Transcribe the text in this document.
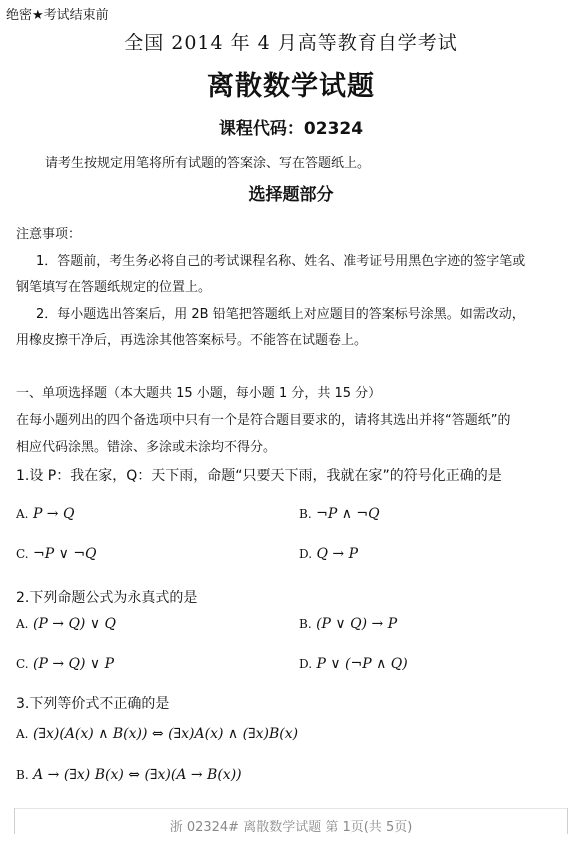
绝密★考试结束前
全国 2014 年 4 月高等教育自学考试
离散数学试题
课程代码：02324
请考生按规定用笔将所有试题的答案涂、写在答题纸上。
选择题部分
注意事项：
1．答题前，考生务必将自己的考试课程名称、姓名、准考证号用黑色字迹的签字笔或
钢笔填写在答题纸规定的位置上。
2．每小题选出答案后，用 2B 铅笔把答题纸上对应题目的答案标号涂黑。如需改动，
用橡皮擦干净后，再选涂其他答案标号。不能答在试题卷上。
一、单项选择题（本大题共 15 小题，每小题 1 分，共 15 分）
在每小题列出的四个备选项中只有一个是符合题目要求的，请将其选出并将“答题纸”的
相应代码涂黑。错涂、多涂或未涂均不得分。
1.设 P：我在家，Q：天下雨，命题“只要天下雨，我就在家”的符号化正确的是
A. P → Q	B. ¬P ∧ ¬Q
C. ¬P ∨ ¬Q	D. Q → P
2.下列命题公式为永真式的是
A. (P → Q) ∨ Q	B. (P ∨ Q) → P
C. (P → Q) ∨ P	D. P ∨ (¬P ∧ Q)
3.下列等价式不正确的是
A. (∃x)(A(x) ∧ B(x)) ⇔ (∃x)A(x) ∧ (∃x)B(x)
B. A → (∃x) B(x) ⇔ (∃x)(A → B(x))
浙 02324# 离散数学试题 第 1页(共 5页)
